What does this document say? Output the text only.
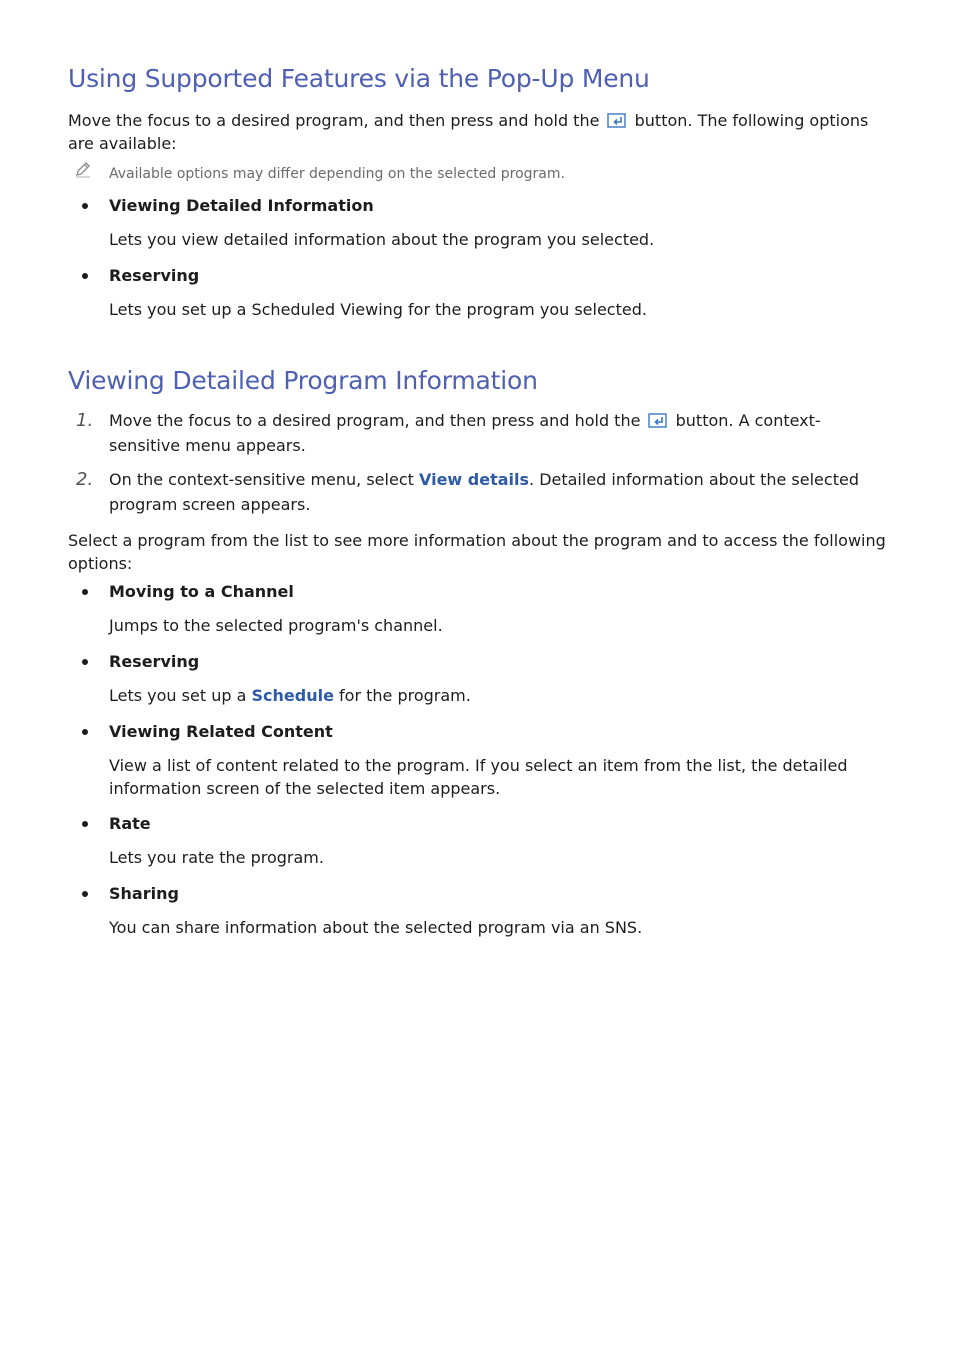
Using Supported Features via the Pop-Up Menu
Move the focus to a desired program, and then press and hold the button. The following options are available:
Available options may differ depending on the selected program.
Viewing Detailed Information
Lets you view detailed information about the program you selected.
Reserving
Lets you set up a Scheduled Viewing for the program you selected.
Viewing Detailed Program Information
1. Move the focus to a desired program, and then press and hold the button. A context-sensitive menu appears.
2. On the context-sensitive menu, select View details. Detailed information about the selected program screen appears.
Select a program from the list to see more information about the program and to access the following options:
Moving to a Channel
Jumps to the selected program's channel.
Reserving
Lets you set up a Schedule for the program.
Viewing Related Content
View a list of content related to the program. If you select an item from the list, the detailed information screen of the selected item appears.
Rate
Lets you rate the program.
Sharing
You can share information about the selected program via an SNS.
